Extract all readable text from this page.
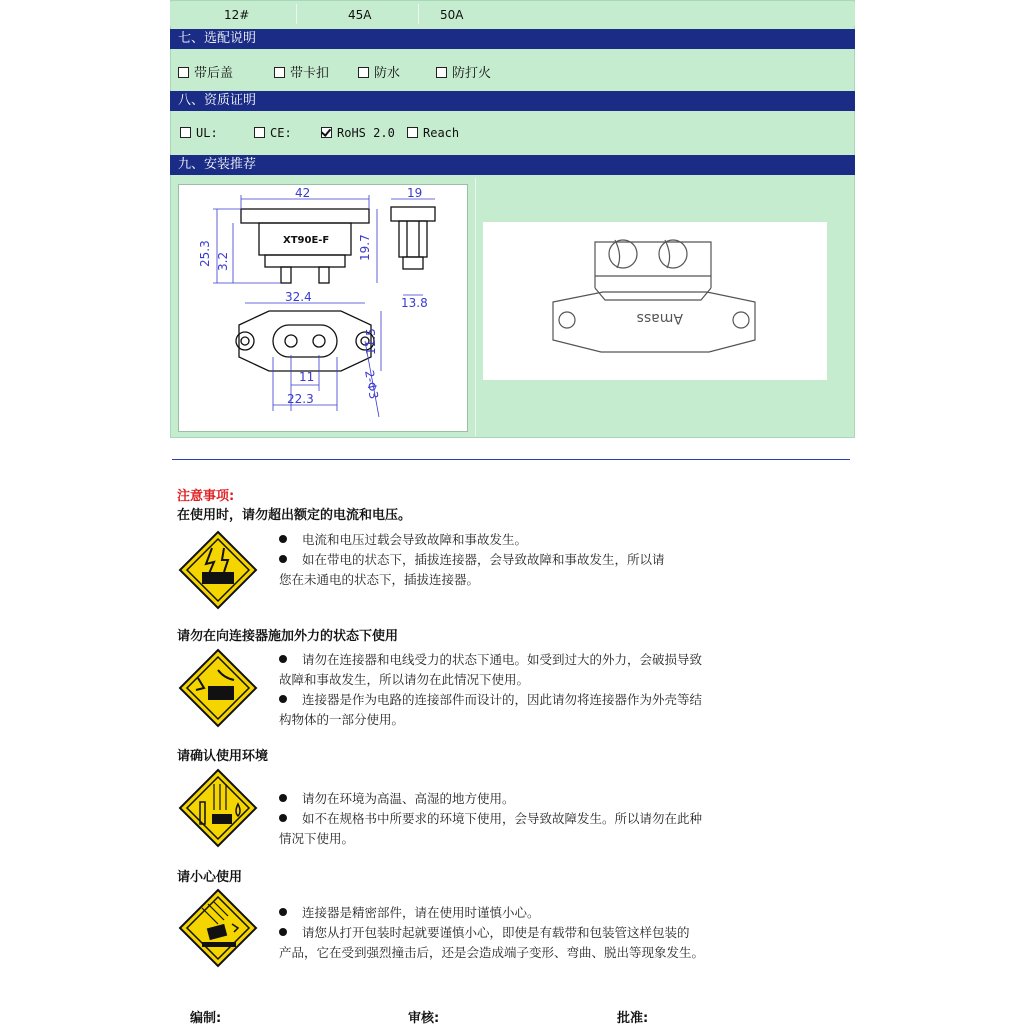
12#	45A	50A
七、选配说明
带后盖	带卡扣	防水	防打火
八、资质证明
UL:	CE:	RoHS 2.0	Reach
九、安装推荐
42	19
25.3 3.2
19.7
13.8
32.4
11.5
11
22.3	2-Φ3
XT90E-F
Amass
注意事项:
在使用时，请勿超出额定的电流和电压。

电流和电压过载会导致故障和事故发生。

如在带电的状态下，插拔连接器，会导致故障和事故发生，所以请

您在未通电的状态下，插拔连接器。

请勿在向连接器施加外力的状态下使用

请勿在连接器和电线受力的状态下通电。如受到过大的外力，会破损导致

故障和事故发生，所以请勿在此情况下使用。

连接器是作为电路的连接部件而设计的，因此请勿将连接器作为外壳等结

构物体的一部分使用。

请确认使用环境

请勿在环境为高温、高湿的地方使用。

如不在规格书中所要求的环境下使用，会导致故障发生。所以请勿在此种

情况下使用。

请小心使用

连接器是精密部件，请在使用时谨慎小心。

请您从打开包装时起就要谨慎小心，即使是有载带和包装管这样包装的

产品，它在受到强烈撞击后，还是会造成端子变形、弯曲、脱出等现象发生。

编制:	审核:	批准:
